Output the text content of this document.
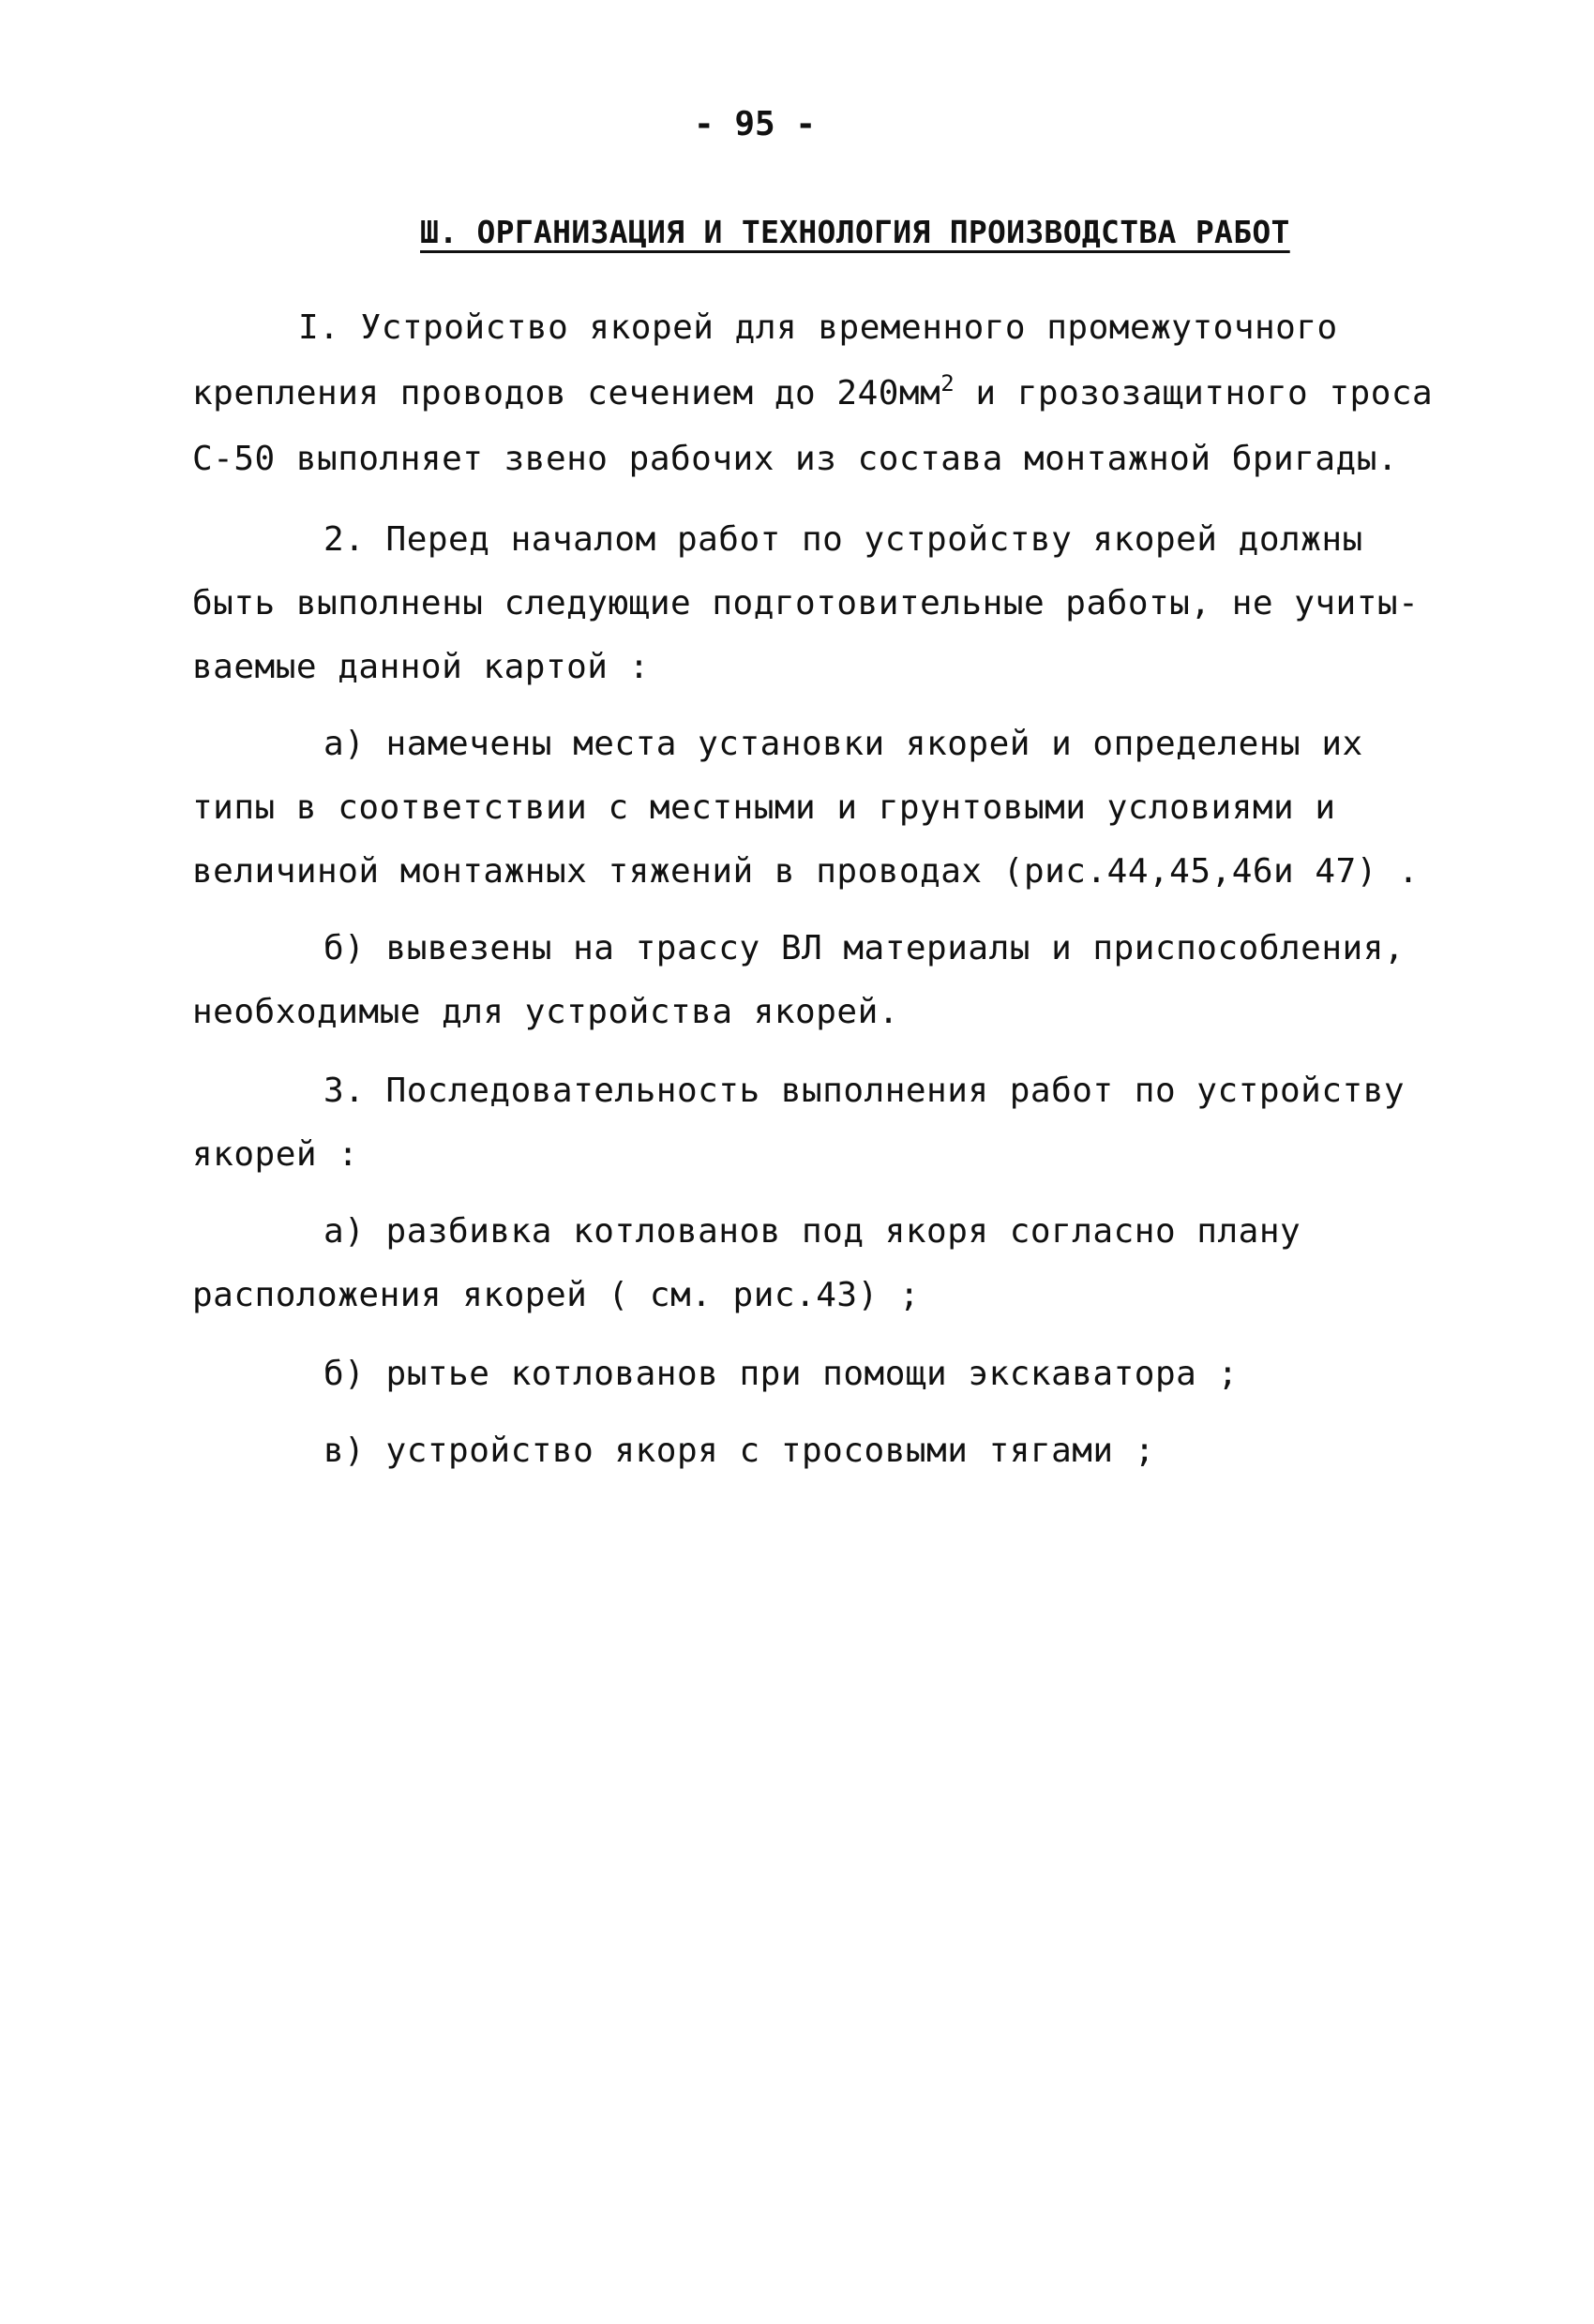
- 95 -
Ш. ОРГАНИЗАЦИЯ И ТЕХНОЛОГИЯ ПРОИЗВОДСТВА РАБОТ
I. Устройство якорей для временного промежуточного
крепления проводов сечением до $240мм^2$ и грозозащитного троса
С-50 выполняет звено рабочих из состава монтажной бригады.
2. Перед началом работ по устройству якорей должны
быть выполнены следующие подготовительные работы, не учиты-
ваемые данной картой :
а) намечены места установки якорей и определены их
типы в соответствии с местными и грунтовыми условиями и
величиной монтажных тяжений в проводах (рис.44,45,46и 47) .
б) вывезены на трассу ВЛ материалы и приспособления,
необходимые для устройства якорей.
3. Последовательность выполнения работ по устройству
якорей :
а) разбивка котлованов под якоря согласно плану
расположения якорей ( см. рис.43) ;
б) рытье котлованов при помощи экскаватора ;
в) устройство якоря с тросовыми тягами ;
